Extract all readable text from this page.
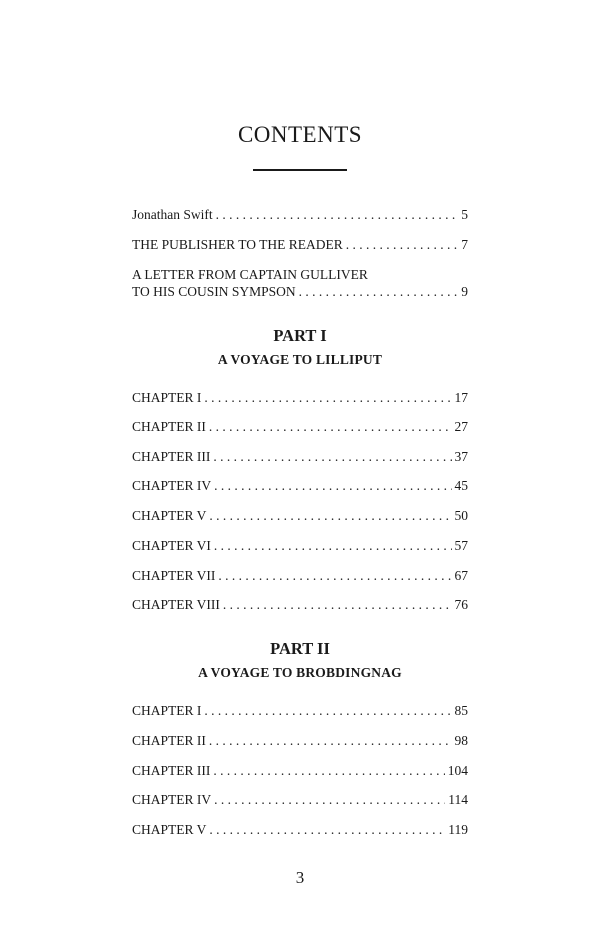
CONTENTS
Jonathan Swift . . .	5
THE PUBLISHER TO THE READER . . .	7
A LETTER FROM CAPTAIN GULLIVER
TO HIS COUSIN SYMPSON . . .	9
PART I
A VOYAGE TO LILLIPUT
CHAPTER I . . .	17
CHAPTER II . . .	27
CHAPTER III . . .	37
CHAPTER IV . . .	45
CHAPTER V . . .	50
CHAPTER VI . . .	57
CHAPTER VII . . .	67
CHAPTER VIII . . .	76
PART II
A VOYAGE TO BROBDINGNAG
CHAPTER I . . .	85
CHAPTER II . . .	98
CHAPTER III . . .	104
CHAPTER IV . . .	114
CHAPTER V . . .	119
3
